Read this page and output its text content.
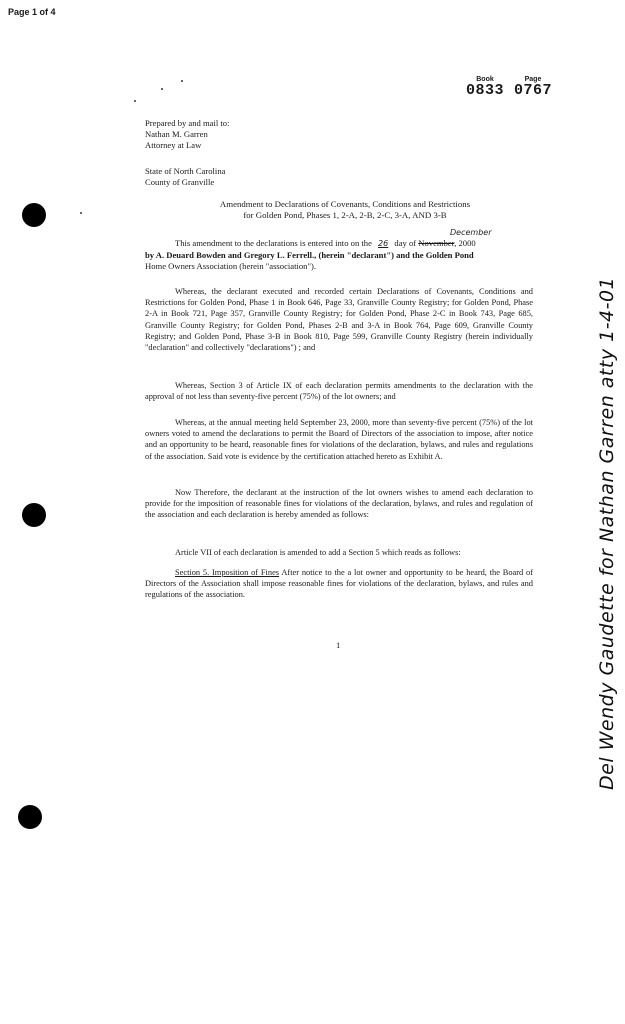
Page 1 of 4
Book
0833
Page
0767
Prepared by and mail to:
Nathan M. Garren
Attorney at Law
State of North Carolina
County of Granville
Amendment to Declarations of Covenants, Conditions and Restrictions
for Golden Pond, Phases 1, 2-A, 2-B, 2-C, 3-A, AND 3-B
This amendment to the declarations is entered into on the 26 day of November, 2000
December
by A. Deuard Bowden and Gregory L. Ferrell., (herein "declarant") and the Golden Pond
Home Owners Association (herein "association").
Whereas, the declarant executed and recorded certain Declarations of Covenants, Conditions and Restrictions for Golden Pond, Phase 1 in Book 646, Page 33, Granville County Registry; for Golden Pond, Phase 2-A in Book 721, Page 357, Granville County Registry; for Golden Pond, Phase 2-C in Book 743, Page 685, Granville County Registry; for Golden Pond, Phases 2-B and 3-A in Book 764, Page 609, Granville County Registry; and Golden Pond, Phase 3-B in Book 810, Page 599, Granville County Registry (herein individually "declaration" and collectively "declarations") ; and
Whereas, Section 3 of Article IX of each declaration permits amendments to the declaration with the approval of not less than seventy-five percent (75%) of the lot owners; and
Whereas, at the annual meeting held September 23, 2000, more than seventy-five percent (75%) of the lot owners voted to amend the declarations to permit the Board of Directors of the association to impose, after notice and an opportunity to be heard, reasonable fines for violations of the declaration, bylaws, and rules and regulations of the association. Said vote is evidence by the certification attached hereto as Exhibit A.
Now Therefore, the declarant at the instruction of the lot owners wishes to amend each declaration to provide for the imposition of reasonable fines for violations of the declaration, bylaws, and rules and regulation of the association and each declaration is hereby amended as follows:
Article VII of each declaration is amended to add a Section 5 which reads as follows:
Section 5. Imposition of Fines After notice to the a lot owner and opportunity to be heard, the Board of Directors of the Association shall impose reasonable fines for violations of the declaration, bylaws, and rules and regulations of the association.
1	Del Wendy Gaudette for Nathan Garren atty 1-4-01
